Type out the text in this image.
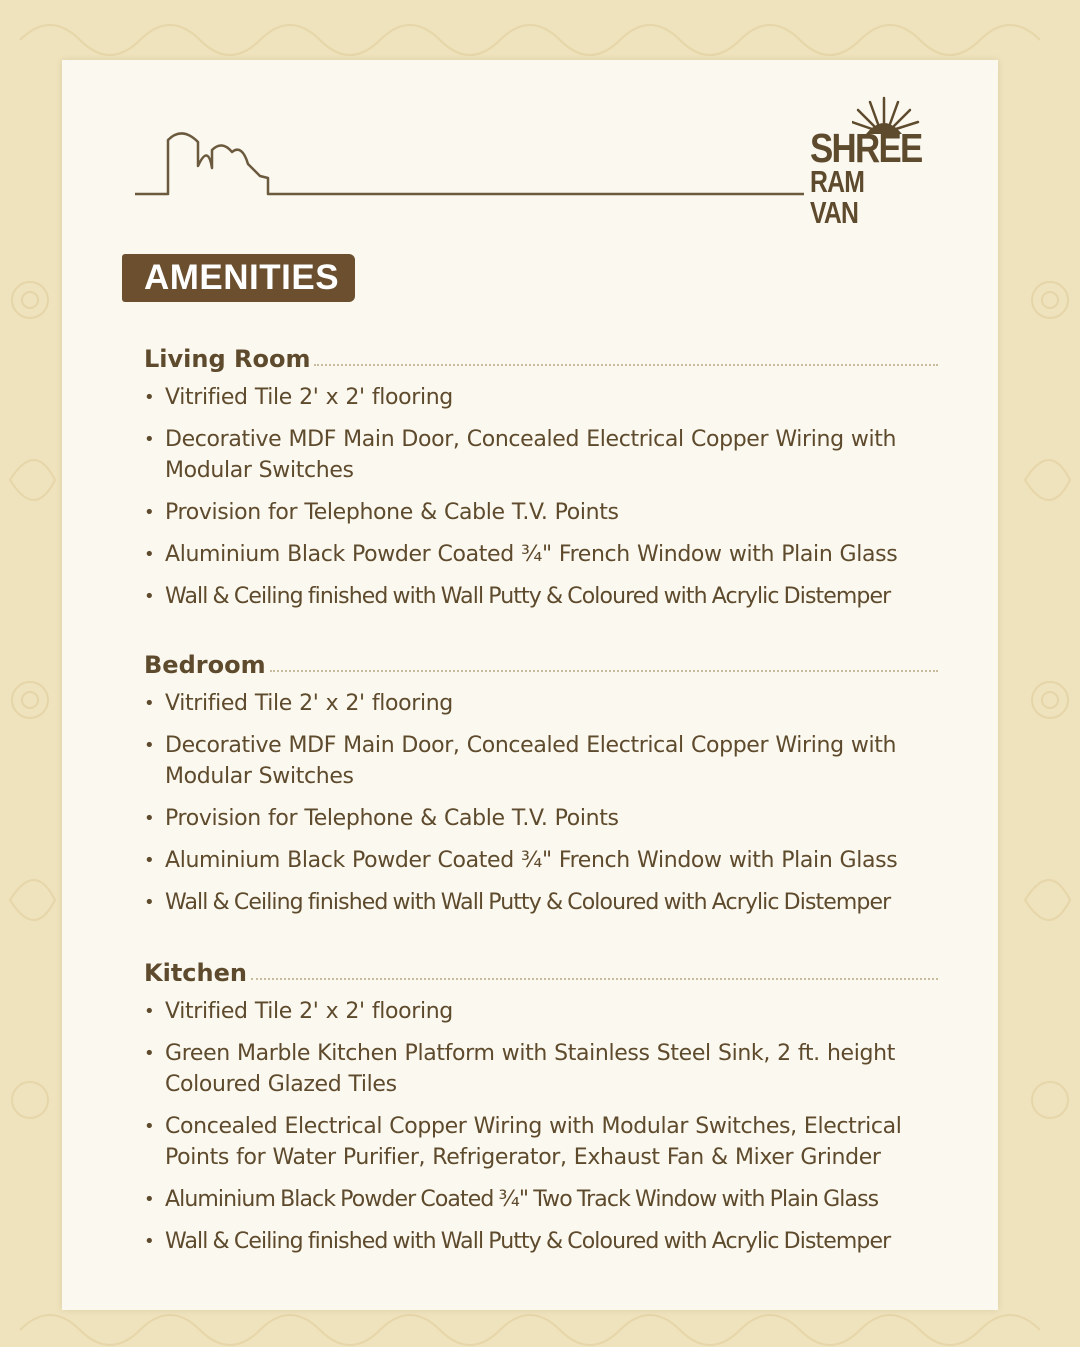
SHREE
RAM VAN
AMENITIES
Living Room
• Vitrified Tile 2' x 2' flooring
• Decorative MDF Main Door, Concealed Electrical Copper Wiring with Modular Switches
• Provision for Telephone & Cable T.V. Points
• Aluminium Black Powder Coated ¾" French Window with Plain Glass
• Wall & Ceiling finished with Wall Putty & Coloured with Acrylic Distemper
Bedroom
• Vitrified Tile 2' x 2' flooring
• Decorative MDF Main Door, Concealed Electrical Copper Wiring with Modular Switches
• Provision for Telephone & Cable T.V. Points
• Aluminium Black Powder Coated ¾" French Window with Plain Glass
• Wall & Ceiling finished with Wall Putty & Coloured with Acrylic Distemper
Kitchen
• Vitrified Tile 2' x 2' flooring
• Green Marble Kitchen Platform with Stainless Steel Sink, 2 ft. height Coloured Glazed Tiles
• Concealed Electrical Copper Wiring with Modular Switches, Electrical Points for Water Purifier, Refrigerator, Exhaust Fan & Mixer Grinder
• Aluminium Black Powder Coated ¾" Two Track Window with Plain Glass
• Wall & Ceiling finished with Wall Putty & Coloured with Acrylic Distemper
